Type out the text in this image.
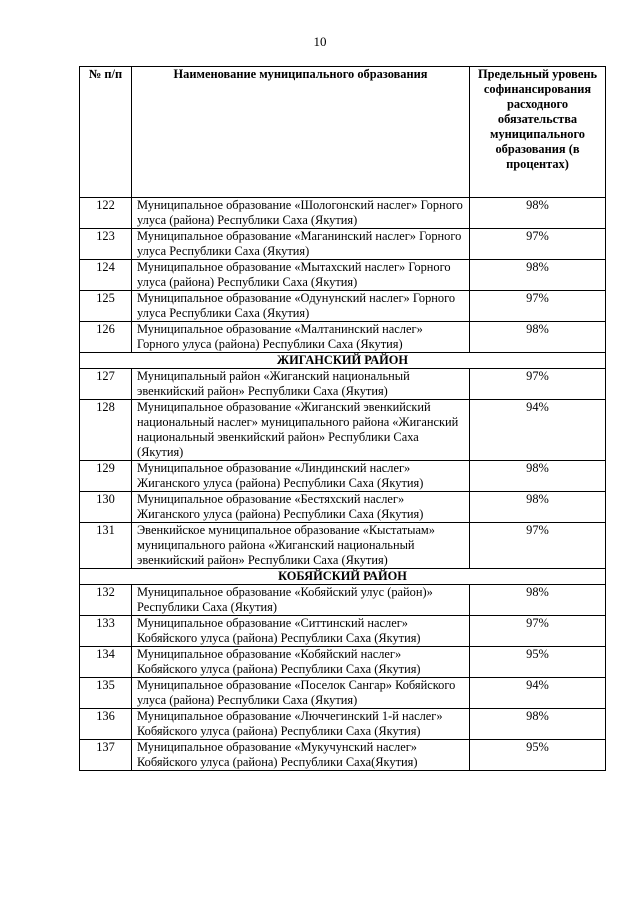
10
№ п/п	Наименование муниципального образования	Предельный уровень софинансирования расходного обязательства муниципального образования (в процентах)
122	Муниципальное образование «Шологонский наслег» Горного улуса (района) Республики Саха (Якутия)	98%
123	Муниципальное образование «Маганинский наслег» Горного улуса Республики Саха (Якутия)	97%
124	Муниципальное образование «Мытахский наслег» Горного улуса (района) Республики Саха (Якутия)	98%
125	Муниципальное образование «Одунунский наслег» Горного улуса Республики Саха (Якутия)	97%
126	Муниципальное образование «Малтанинский наслег» Горного улуса (района) Республики Саха (Якутия)	98%
ЖИГАНСКИЙ РАЙОН		
127	Муниципальный район «Жиганский национальный эвенкийский район» Республики Саха (Якутия)	97%
128	Муниципальное образование «Жиганский эвенкийский национальный наслег» муниципального района «Жиганский национальный эвенкийский район» Республики Саха (Якутия)	94%
129	Муниципальное образование «Линдинский наслег» Жиганского улуса (района) Республики Саха (Якутия)	98%
130	Муниципальное образование «Бестяхский наслег» Жиганского улуса (района) Республики Саха (Якутия)	98%
131	Эвенкийское муниципальное образование «Кыстатыам» муниципального района «Жиганский национальный эвенкийский район» Республики Саха (Якутия)	97%
КОБЯЙСКИЙ РАЙОН		
132	Муниципальное образование «Кобяйский улус (район)» Республики Саха (Якутия)	98%
133	Муниципальное образование «Ситтинский наслег» Кобяйского улуса (района) Республики Саха (Якутия)	97%
134	Муниципальное образование «Кобяйский наслег» Кобяйского улуса (района) Республики Саха (Якутия)	95%
135	Муниципальное образование «Поселок Сангар» Кобяйского улуса (района) Республики Саха (Якутия)	94%
136	Муниципальное образование «Люччегинский 1-й наслег» Кобяйского улуса (района) Республики Саха (Якутия)	98%
137	Муниципальное образование «Мукучунский наслег» Кобяйского улуса (района) Республики Саха(Якутия)	95%
